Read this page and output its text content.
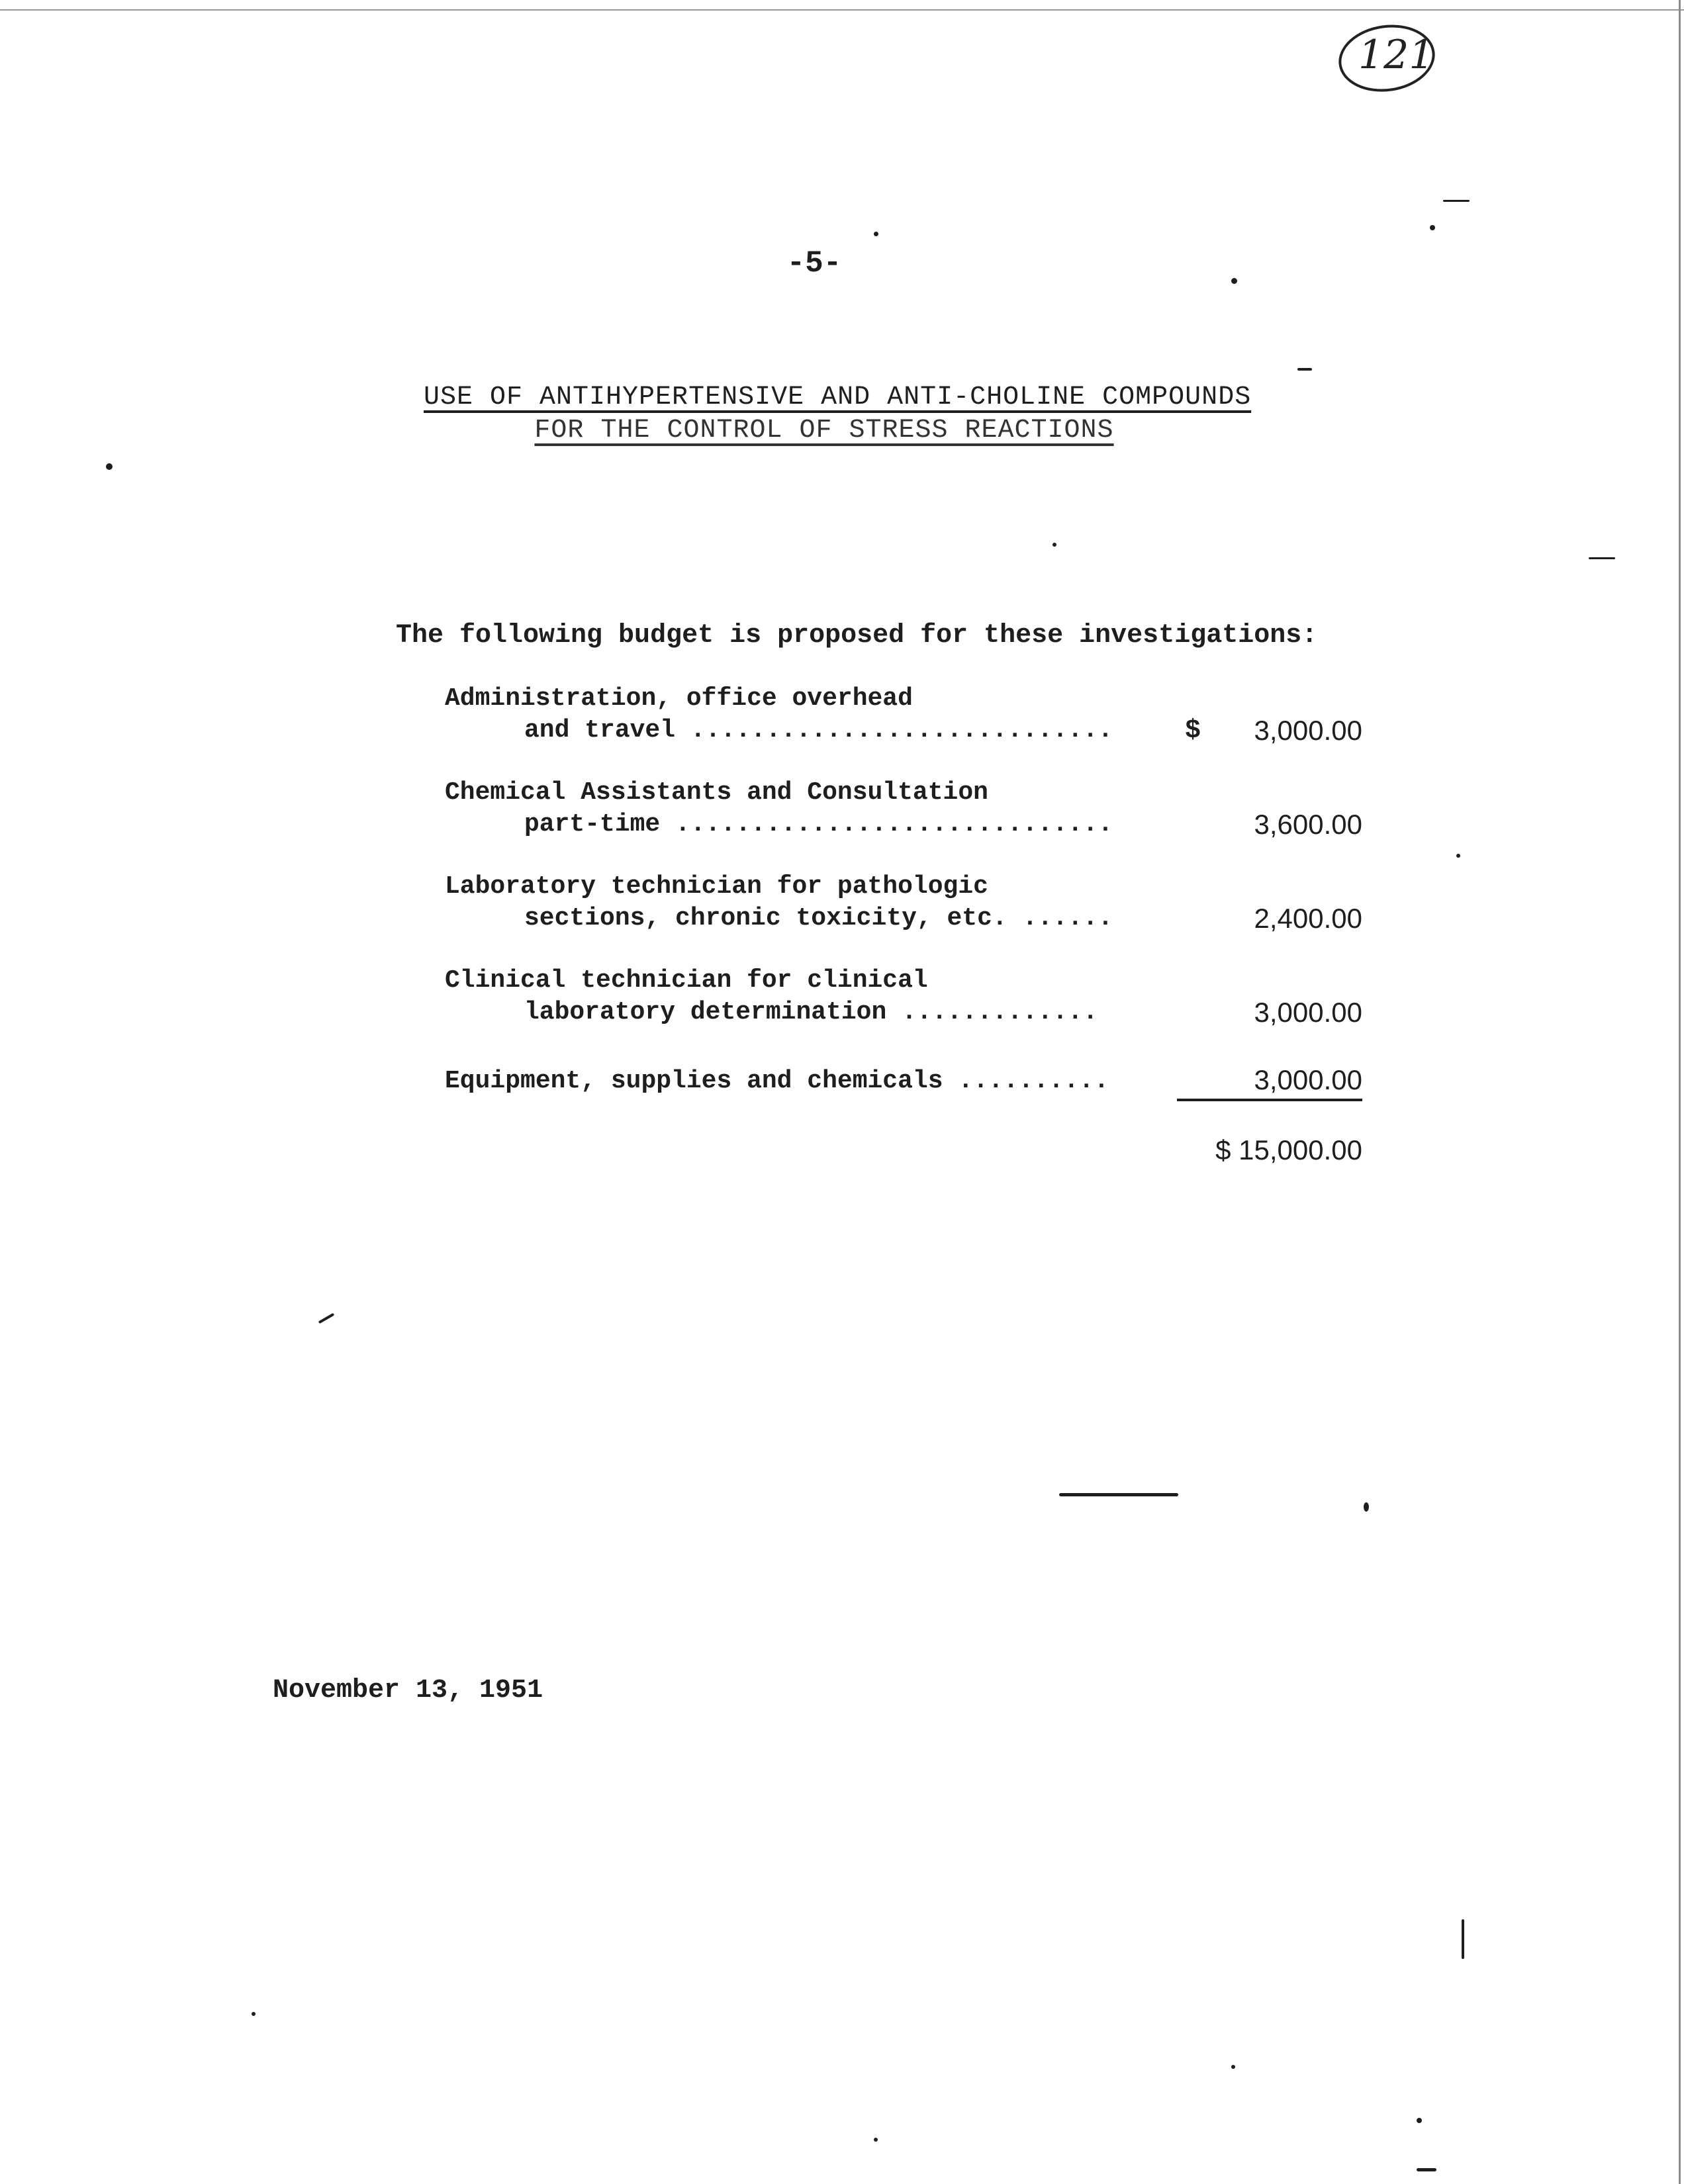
121
-5-
USE OF ANTIHYPERTENSIVE AND ANTI-CHOLINE COMPOUNDS
FOR THE CONTROL OF STRESS REACTIONS
The following budget is proposed for these investigations:
Administration, office overhead
and travel ............................	$	3,000.00
Chemical Assistants and Consultation
part-time .............................	3,600.00
Laboratory technician for pathologic
sections, chronic toxicity, etc. ......	2,400.00
Clinical technician for clinical
laboratory determination .............	3,000.00
Equipment, supplies and chemicals ..........	3,000.00
$ 15,000.00
November 13, 1951
